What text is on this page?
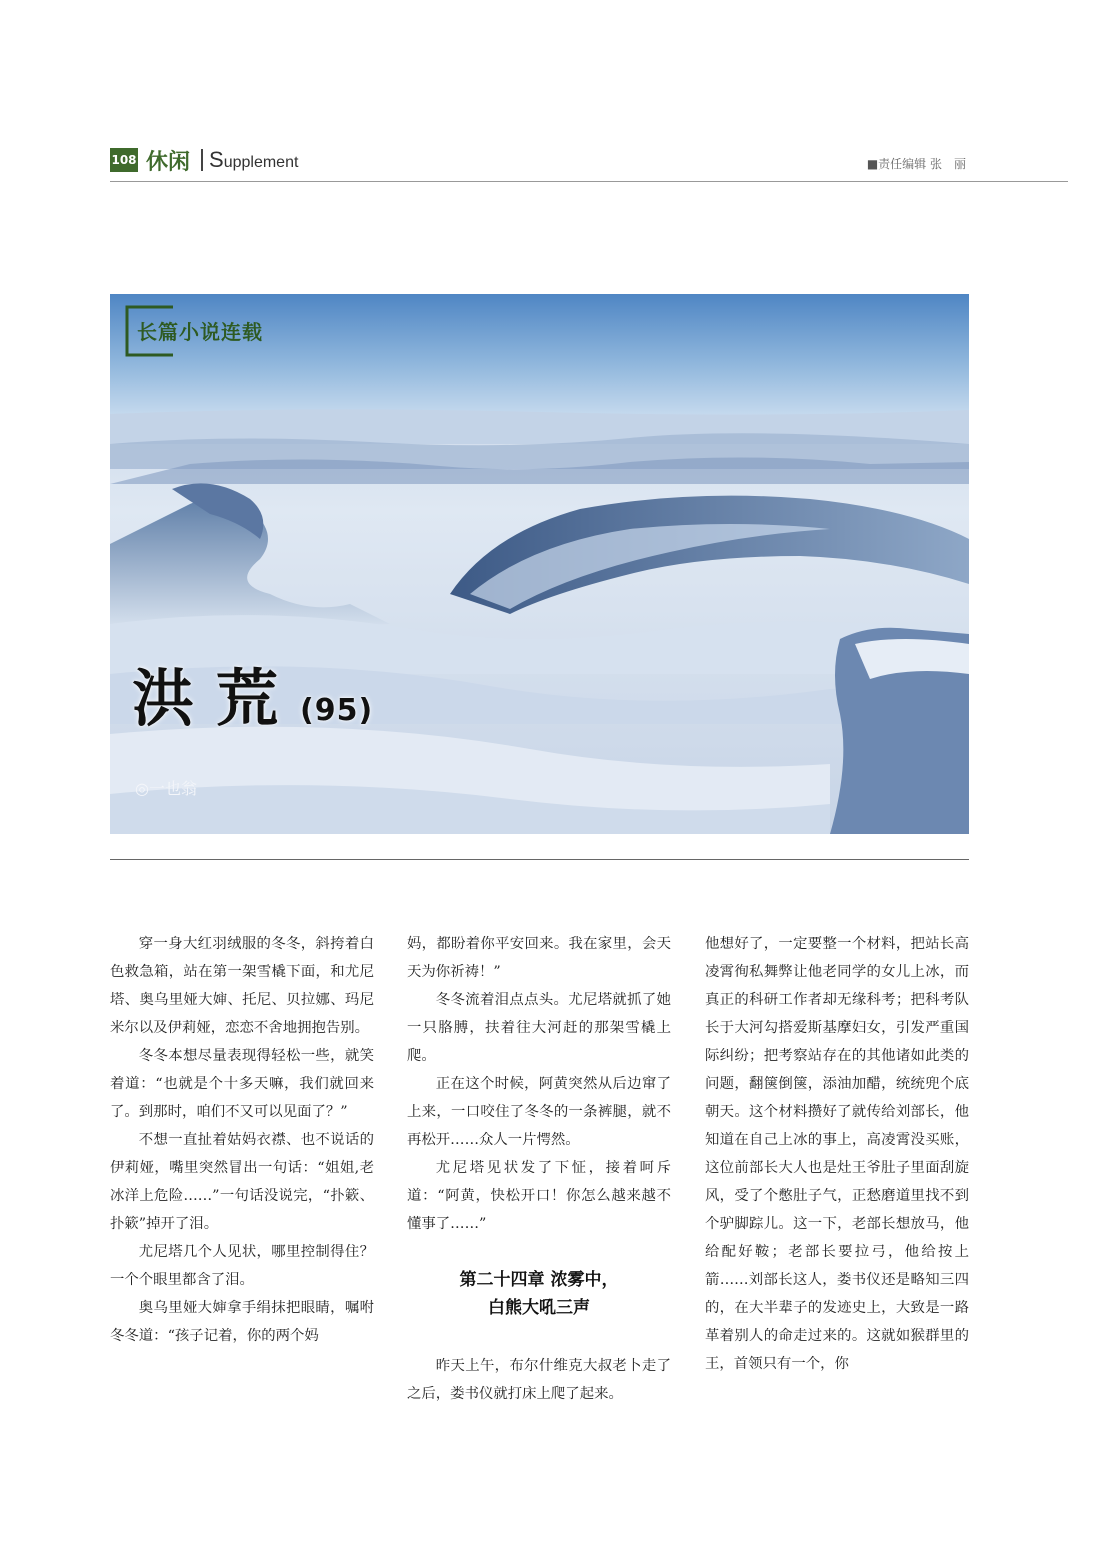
108 休闲 Supplement	■责任编辑 张　丽
长篇小说连载
洪荒(95)
◎一也翁

穿一身大红羽绒服的冬冬，斜挎着白色救急箱，站在第一架雪橇下面，和尤尼塔、奥乌里娅大婶、托尼、贝拉娜、玛尼米尔以及伊莉娅，恋恋不舍地拥抱告别。

冬冬本想尽量表现得轻松一些，就笑着道：“也就是个十多天嘛，我们就回来了。到那时，咱们不又可以见面了？”

不想一直扯着姑妈衣襟、也不说话的伊莉娅，嘴里突然冒出一句话：“姐姐,老冰洋上危险……”一句话没说完，“扑簌、扑簌”掉开了泪。

尤尼塔几个人见状，哪里控制得住？一个个眼里都含了泪。

奥乌里娅大婶拿手绢抹把眼睛，嘱咐冬冬道：“孩子记着，你的两个妈

妈，都盼着你平安回来。我在家里，会天天为你祈祷！”

冬冬流着泪点点头。尤尼塔就抓了她一只胳膊，扶着往大河赶的那架雪橇上爬。

正在这个时候，阿黄突然从后边窜了上来，一口咬住了冬冬的一条裤腿，就不再松开……众人一片愕然。

尤尼塔见状发了下怔，接着呵斥道：“阿黄，快松开口！你怎么越来越不懂事了……”

第二十四章 浓雾中，
白熊大吼三声

昨天上午，布尔什维克大叔老卜走了之后，娄书仪就打床上爬了起来。

他想好了，一定要整一个材料，把站长高凌霄徇私舞弊让他老同学的女儿上冰，而真正的科研工作者却无缘科考；把科考队长于大河勾搭爱斯基摩妇女，引发严重国际纠纷；把考察站存在的其他诸如此类的问题，翻箧倒箧，添油加醋，统统兜个底朝天。这个材料攒好了就传给刘部长，他知道在自己上冰的事上，高凌霄没买账，这位前部长大人也是灶王爷肚子里面刮旋风，受了个憋肚子气，正愁磨道里找不到个驴脚踪儿。这一下，老部长想放马，他给配好鞍；老部长要拉弓，他给按上箭……刘部长这人，娄书仪还是略知三四的，在大半辈子的发迹史上，大致是一路革着别人的命走过来的。这就如猴群里的王，首领只有一个，你
